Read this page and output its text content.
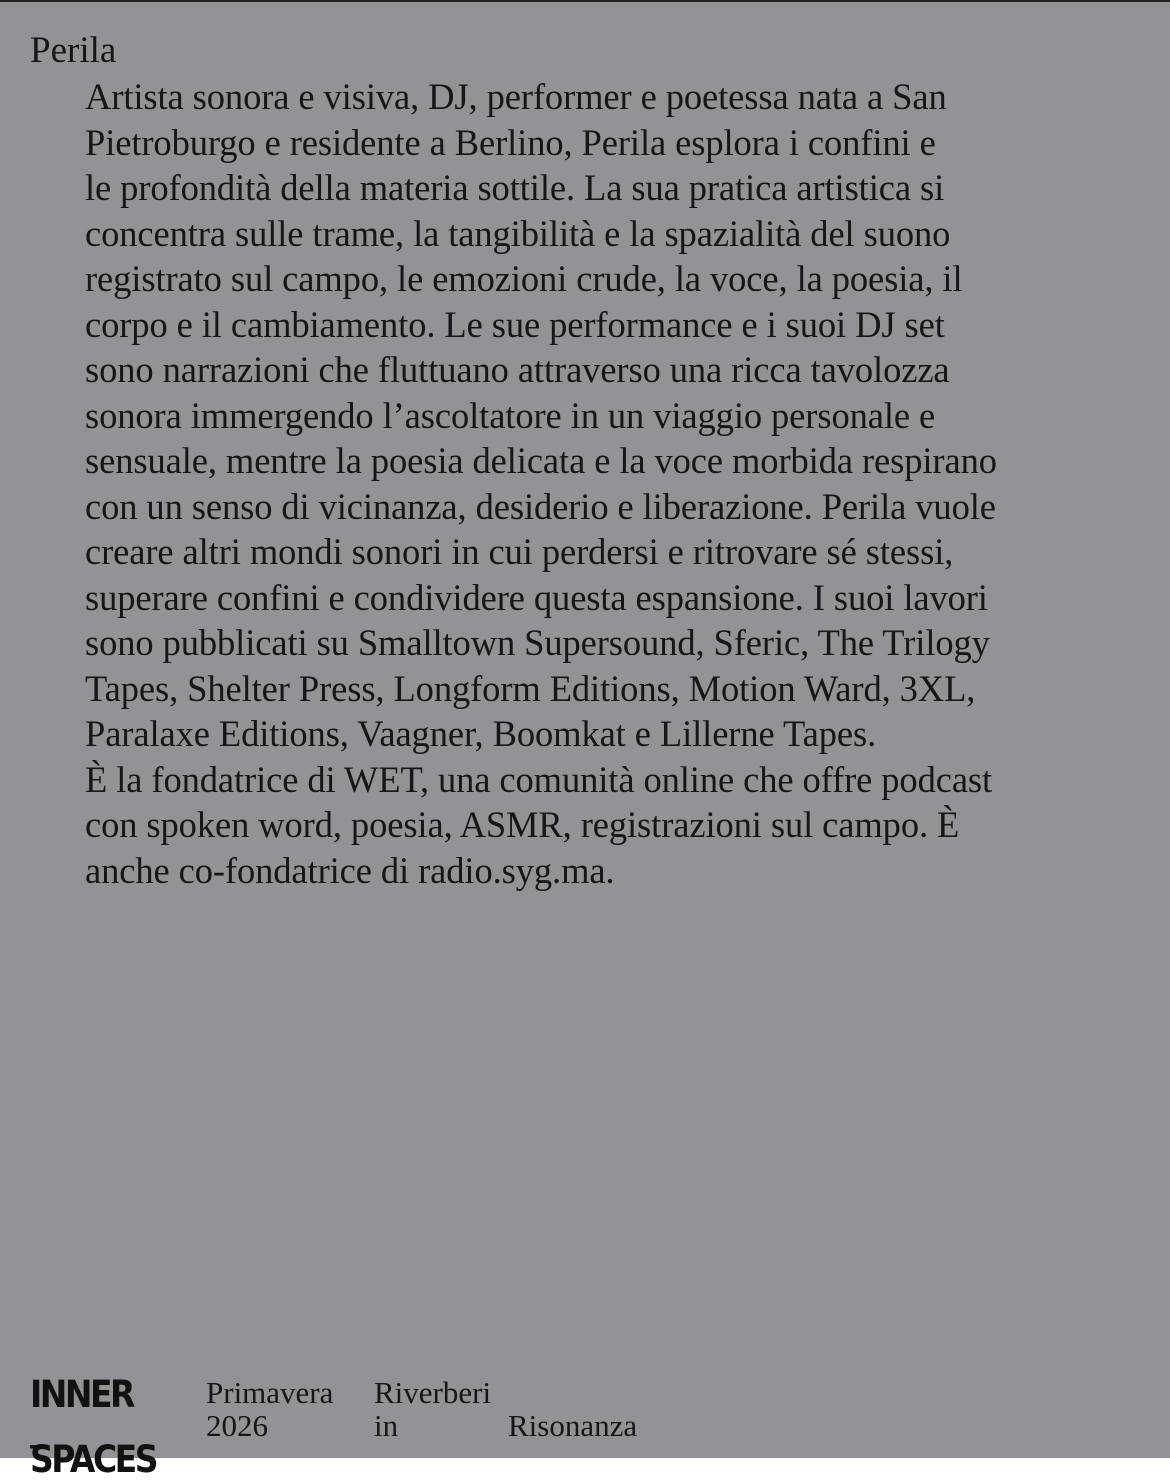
Perila
Artista sonora e visiva, DJ, performer e poetessa nata a San
Pietroburgo e residente a Berlino, Perila esplora i confini e
le profondità della materia sottile. La sua pratica artistica si
concentra sulle trame, la tangibilità e la spazialità del suono
registrato sul campo, le emozioni crude, la voce, la poesia, il
corpo e il cambiamento. Le sue performance e i suoi DJ set
sono narrazioni che fluttuano attraverso una ricca tavolozza
sonora immergendo l’ascoltatore in un viaggio personale e
sensuale, mentre la poesia delicata e la voce morbida respirano
con un senso di vicinanza, desiderio e liberazione. Perila vuole
creare altri mondi sonori in cui perdersi e ritrovare sé stessi,
superare confini e condividere questa espansione. I suoi lavori
sono pubblicati su Smalltown Supersound, Sferic, The Trilogy
Tapes, Shelter Press, Longform Editions, Motion Ward, 3XL,
Paralaxe Editions, Vaagner, Boomkat e Lillerne Tapes.
È la fondatrice di WET, una comunità online che offre podcast
con spoken word, poesia, ASMR, registrazioni sul campo. È
anche co-fondatrice di radio.syg.ma.
INNER
_
SPACES
Primavera
2026
Riverberi
in	Risonanza
